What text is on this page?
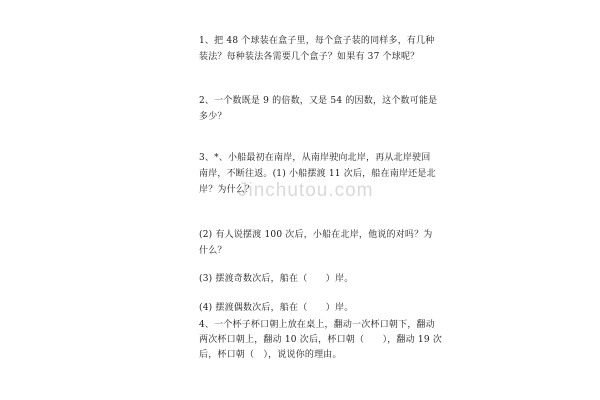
Jinchutou.com
1、把 48 个球装在盒子里，每个盒子装的同样多，有几种
装法？每种装法各需要几个盒子？如果有 37 个球呢？
2、一个数既是 9 的倍数，又是 54 的因数，这个数可能是
多少？
3、*、小船最初在南岸，从南岸驶向北岸，再从北岸驶回
南岸，不断往返。(1) 小船摆渡 11 次后，船在南岸还是北
岸？为什么？
(2) 有人说摆渡 100 次后，小船在北岸，他说的对吗？为
什么？
(3) 摆渡奇数次后，船在（　　）岸。
(4) 摆渡偶数次后，船在（　　）岸。
4、一个杯子杯口朝上放在桌上，翻动一次杯口朝下，翻动
两次杯口朝上，翻动 10 次后，杯口朝（　　），翻动 19 次
后，杯口朝（　），说说你的理由。
